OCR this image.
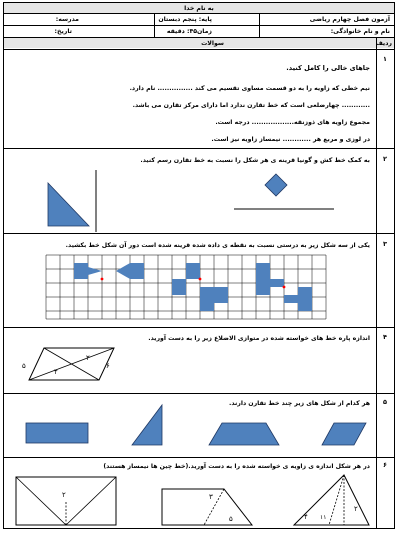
به نام خدا
آزمون فصل چهارم ریاضی
پایه: پنجم دبستان
مدرسه:
نام و نام خانوادگی:
زمان۴۵: دقیقه
تاریخ:
ردیف
سوالات
۱
جاهای خالی را کامل کنید.
نیم خطی که زاویه را به دو قسمت مساوی تقسیم می کند ............... نام دارد.
............ چهارضلعی است که خط تقارن ندارد اما دارای مرکز تقارن می باشد.
مجموع زاویه های ذوزنقه.................. درجه است.
در لوزی و مربع هر ............ نیمساز زاویه نیز است.
۲
به کمک خط کش و گونیا قرینه ی هر شکل را نسبت به خط تقارن رسم کنید.
۳
یکی از سه شکل زیر به درستی نسبت به نقطه ی داده شده قرینه شده است دور آن شکل خط بکشید.
۴
اندازه پاره خط های خواسته شده در متوازی الاضلاع زیر را به دست آورید.
۵
۴
۲
۶
۵
هر کدام از شکل های زیر چند خط تقارن دارند.
۶
در هر شکل اندازه ی زاویه ی خواسته شده را به دست آورید.(خط چین ها نیمساز هستند)
۲	۳
۵	۴ ۱۱
۲
